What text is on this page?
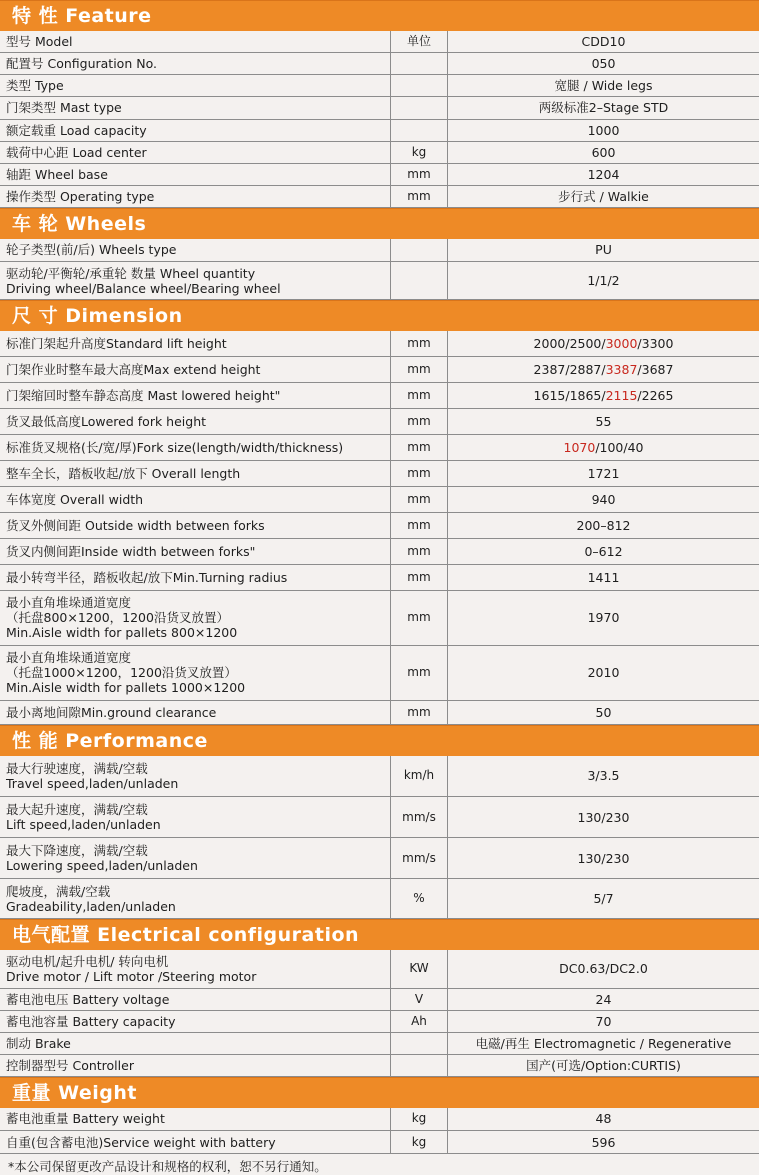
特 性 Feature
型号 Model	单位	CDD10

配置号 Configuration No.		050

类型 Type		宽腿 / Wide legs

门架类型 Mast type		两级标准2–Stage STD

额定载重 Load capacity		1000

载荷中心距 Load center	kg	600

轴距 Wheel base	mm	1204

操作类型 Operating type	mm	步行式 / Walkie
车 轮 Wheels
轮子类型(前/后) Wheels type		PU

驱动轮/平衡轮/承重轮 数量 Wheel quantity
Driving wheel/Balance wheel/Bearing wheel		1/1/2
尺 寸 Dimension
标准门架起升高度Standard lift height	mm	2000/2500/3000/3300

门架作业时整车最大高度Max extend height	mm	2387/2887/3387/3687

门架缩回时整车静态高度 Mast lowered height"	mm	1615/1865/2115/2265

货叉最低高度Lowered fork height	mm	55

标准货叉规格(长/宽/厚)Fork size(length/width/thickness)	mm	1070/100/40

整车全长，踏板收起/放下 Overall length	mm	1721

车体宽度 Overall width	mm	940

货叉外侧间距 Outside width between forks	mm	200–812

货叉内侧间距Inside width between forks"	mm	0–612

最小转弯半径，踏板收起/放下Min.Turning radius	mm	1411

最小直角堆垛通道宽度
（托盘800×1200，1200沿货叉放置）
Min.Aisle width for pallets 800×1200	mm	1970

最小直角堆垛通道宽度
（托盘1000×1200，1200沿货叉放置）
Min.Aisle width for pallets 1000×1200	mm	2010

最小离地间隙Min.ground clearance	mm	50
性 能 Performance
最大行驶速度，满载/空载
Travel speed,laden/unladen	km/h	3/3.5

最大起升速度，满载/空载
Lift speed,laden/unladen	mm/s	130/230

最大下降速度，满载/空载
Lowering speed,laden/unladen	mm/s	130/230

爬坡度，满载/空载
Gradeability,laden/unladen	%	5/7
电气配置 Electrical configuration
驱动电机/起升电机/ 转向电机
Drive motor / Lift motor /Steering motor	KW	DC0.63/DC2.0

蓄电池电压 Battery voltage	V	24

蓄电池容量 Battery capacity	Ah	70

制动 Brake		电磁/再生 Electromagnetic / Regenerative

控制器型号 Controller		国产(可选/Option:CURTIS)
重量 Weight
蓄电池重量 Battery weight	kg	48

自重(包含蓄电池)Service weight with battery	kg	596
*本公司保留更改产品设计和规格的权利，恕不另行通知。
